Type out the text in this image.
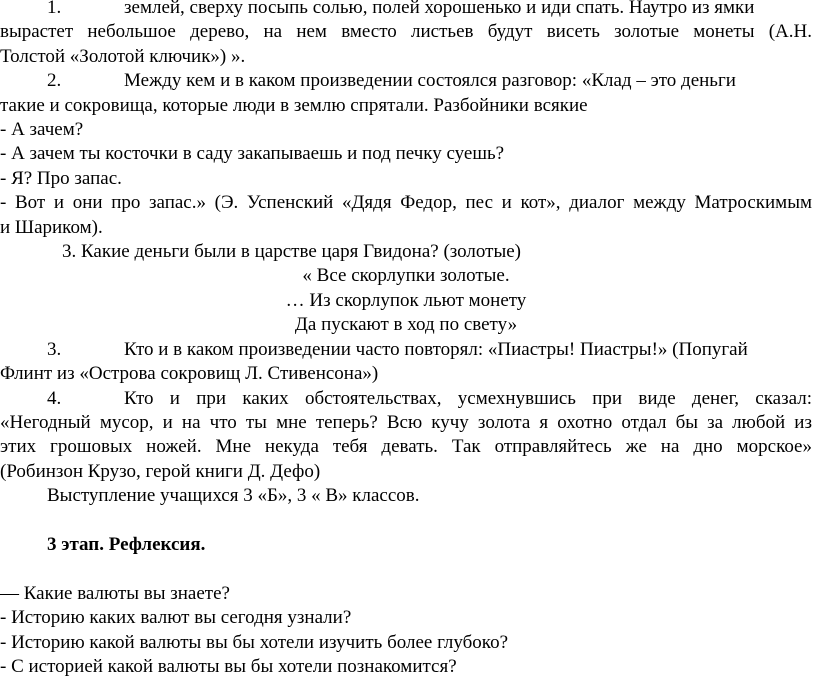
1.	землей, сверху посыпь солью, полей хорошенько и иди спать. Наутро из ямки
вырастет небольшое дерево, на нем вместо листьев будут висеть золотые монеты (А.Н.
Толстой «Золотой ключик») ».
2.	Между кем и в каком произведении состоялся разговор: «Клад – это деньги
такие и сокровища, которые люди в землю спрятали. Разбойники всякие
- А зачем?
- А зачем ты косточки в саду закапываешь и под печку суешь?
- Я? Про запас.
- Вот и они про запас.» (Э. Успенский «Дядя Федор, пес и кот», диалог между Матроскимым
и Шариком).
3. Какие деньги были в царстве царя Гвидона? (золотые)
« Все скорлупки золотые.
… Из скорлупок льют монету
Да пускают в ход по свету»
3.	Кто и в каком произведении часто повторял: «Пиастры! Пиастры!» (Попугай
Флинт из «Острова сокровищ Л. Стивенсона»)
4.	Кто и при каких обстоятельствах, усмехнувшись при виде денег, сказал:
«Негодный мусор, и на что ты мне теперь? Всю кучу золота я охотно отдал бы за любой из
этих грошовых ножей. Мне некуда тебя девать. Так отправляйтесь же на дно морское»
(Робинзон Крузо, герой книги Д. Дефо)
Выступление учащихся 3 «Б», 3 « В» классов.
3 этап. Рефлексия.
— Какие валюты вы знаете?
- Историю каких валют вы сегодня узнали?
- Историю какой валюты вы бы хотели изучить более глубоко?
- С историей какой валюты вы бы хотели познакомится?
